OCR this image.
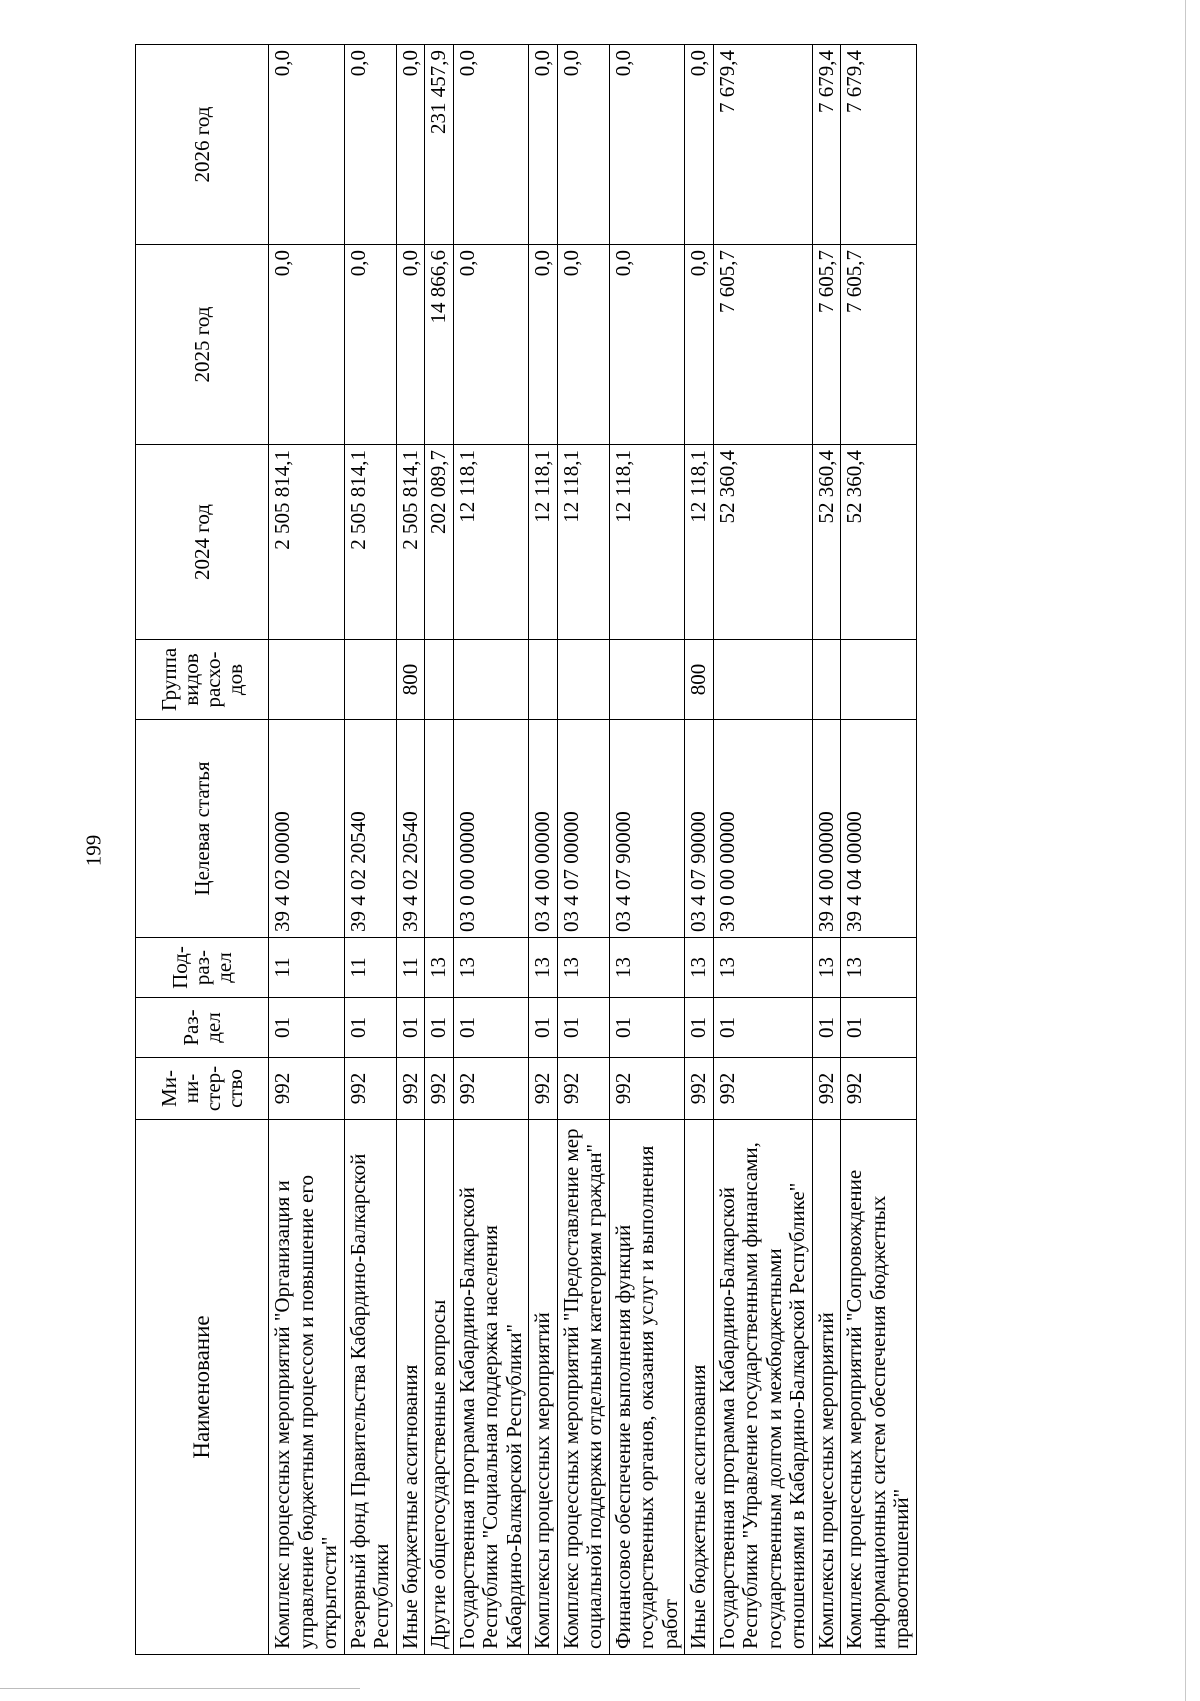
199
Наименование	Ми-
ни-
стер-
ство	Раз-
дел	Под-
раз-
дел	Целевая статья	Группа
видов
расхо-
дов	2024 год	2025 год	2026 год
Комплекс процессных мероприятий "Организация и управление бюджетным процессом и повышение его открытости"	992	01	11	39 4 02 00000		2 505 814,1	0,0	0,0
Резервный фонд Правительства Кабардино-Балкарской Республики	992	01	11	39 4 02 20540		2 505 814,1	0,0	0,0
Иные бюджетные ассигнования	992	01	11	39 4 02 20540	800	2 505 814,1	0,0	0,0
Другие общегосударственные вопросы	992	01	13			202 089,7	14 866,6	231 457,9
Государственная программа Кабардино-Балкарской Республики "Социальная поддержка населения Кабардино-Балкарской Республики"	992	01	13	03 0 00 00000		12 118,1	0,0	0,0
Комплексы процессных мероприятий	992	01	13	03 4 00 00000		12 118,1	0,0	0,0
Комплекс процессных мероприятий "Предоставление мер социальной поддержки отдельным категориям граждан"	992	01	13	03 4 07 00000		12 118,1	0,0	0,0
Финансовое обеспечение выполнения функций государственных органов, оказания услуг и выполнения работ	992	01	13	03 4 07 90000		12 118,1	0,0	0,0
Иные бюджетные ассигнования	992	01	13	03 4 07 90000	800	12 118,1	0,0	0,0
Государственная программа Кабардино-Балкарской Республики "Управление государственными финансами, государственным долгом и межбюджетными отношениями в Кабардино-Балкарской Республике"	992	01	13	39 0 00 00000		52 360,4	7 605,7	7 679,4
Комплексы процессных мероприятий	992	01	13	39 4 00 00000		52 360,4	7 605,7	7 679,4
Комплекс процессных мероприятий "Сопровождение информационных систем обеспечения бюджетных правоотношений"	992	01	13	39 4 04 00000		52 360,4	7 605,7	7 679,4
